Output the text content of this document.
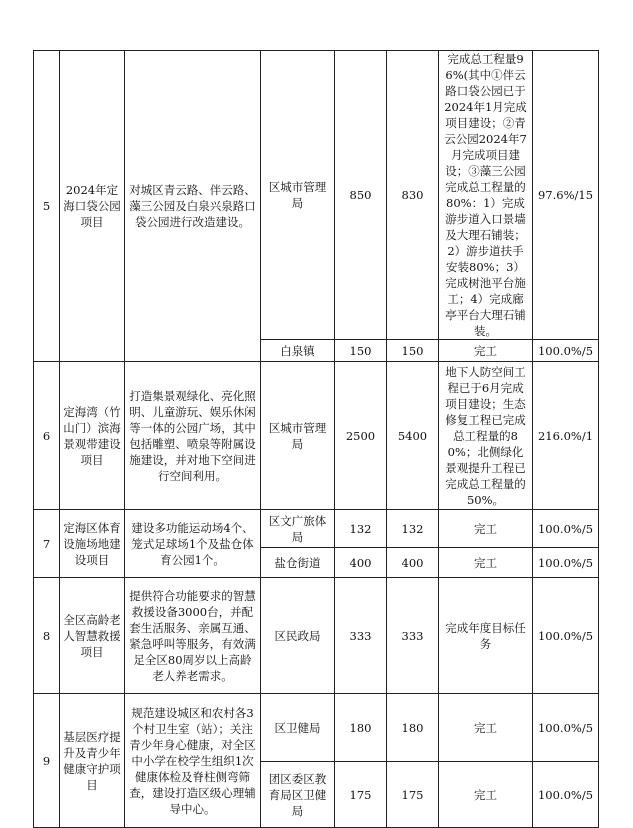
5	2024年定海口袋公园项目	对城区青云路、伴云路、藻三公园及白泉兴泉路口袋公园进行改造建设。	区城市管理局	850	830	完成总工程量96%(其中①伴云路口袋公园已于2024年1月完成项目建设；②青云公园2024年7月完成项目建设；③藻三公园完成总工程量的80%：1）完成游步道入口景墙及大理石铺装；2）游步道扶手安装80%；3）完成树池平台施工；4）完成廊亭平台大理石铺装。	97.6%/15
			白泉镇	150	150	完工	100.0%/5
6	定海湾（竹山门）滨海景观带建设项目	打造集景观绿化、亮化照明、儿童游玩、娱乐休闲等一体的公园广场，其中包括雕塑、喷泉等附属设施建设，并对地下空间进行空间利用。	区城市管理局	2500	5400	地下人防空间工程已于6月完成项目建设；生态修复工程已完成总工程量的80%；北侧绿化景观提升工程已完成总工程量的50%。	216.0%/1
7	定海区体育设施场地建设项目	建设多功能运动场4个、笼式足球场1个及盐仓体育公园1个。	区文广旅体局	132	132	完工	100.0%/5
			盐仓街道	400	400	完工	100.0%/5
8	全区高龄老人智慧救援项目	提供符合功能要求的智慧救援设备3000台，并配套生活服务、亲属互通、紧急呼叫等服务，有效满足全区80周岁以上高龄老人养老需求。	区民政局	333	333	完成年度目标任务	100.0%/5
9	基层医疗提升及青少年健康守护项目	规范建设城区和农村各3个村卫生室（站）；关注青少年身心健康，对全区中小学在校学生组织1次健康体检及脊柱侧弯筛查，建设打造区级心理辅导中心。	区卫健局	180	180	完工	100.0%/5
			团区委区教育局区卫健局	175	175	完工	100.0%/5
